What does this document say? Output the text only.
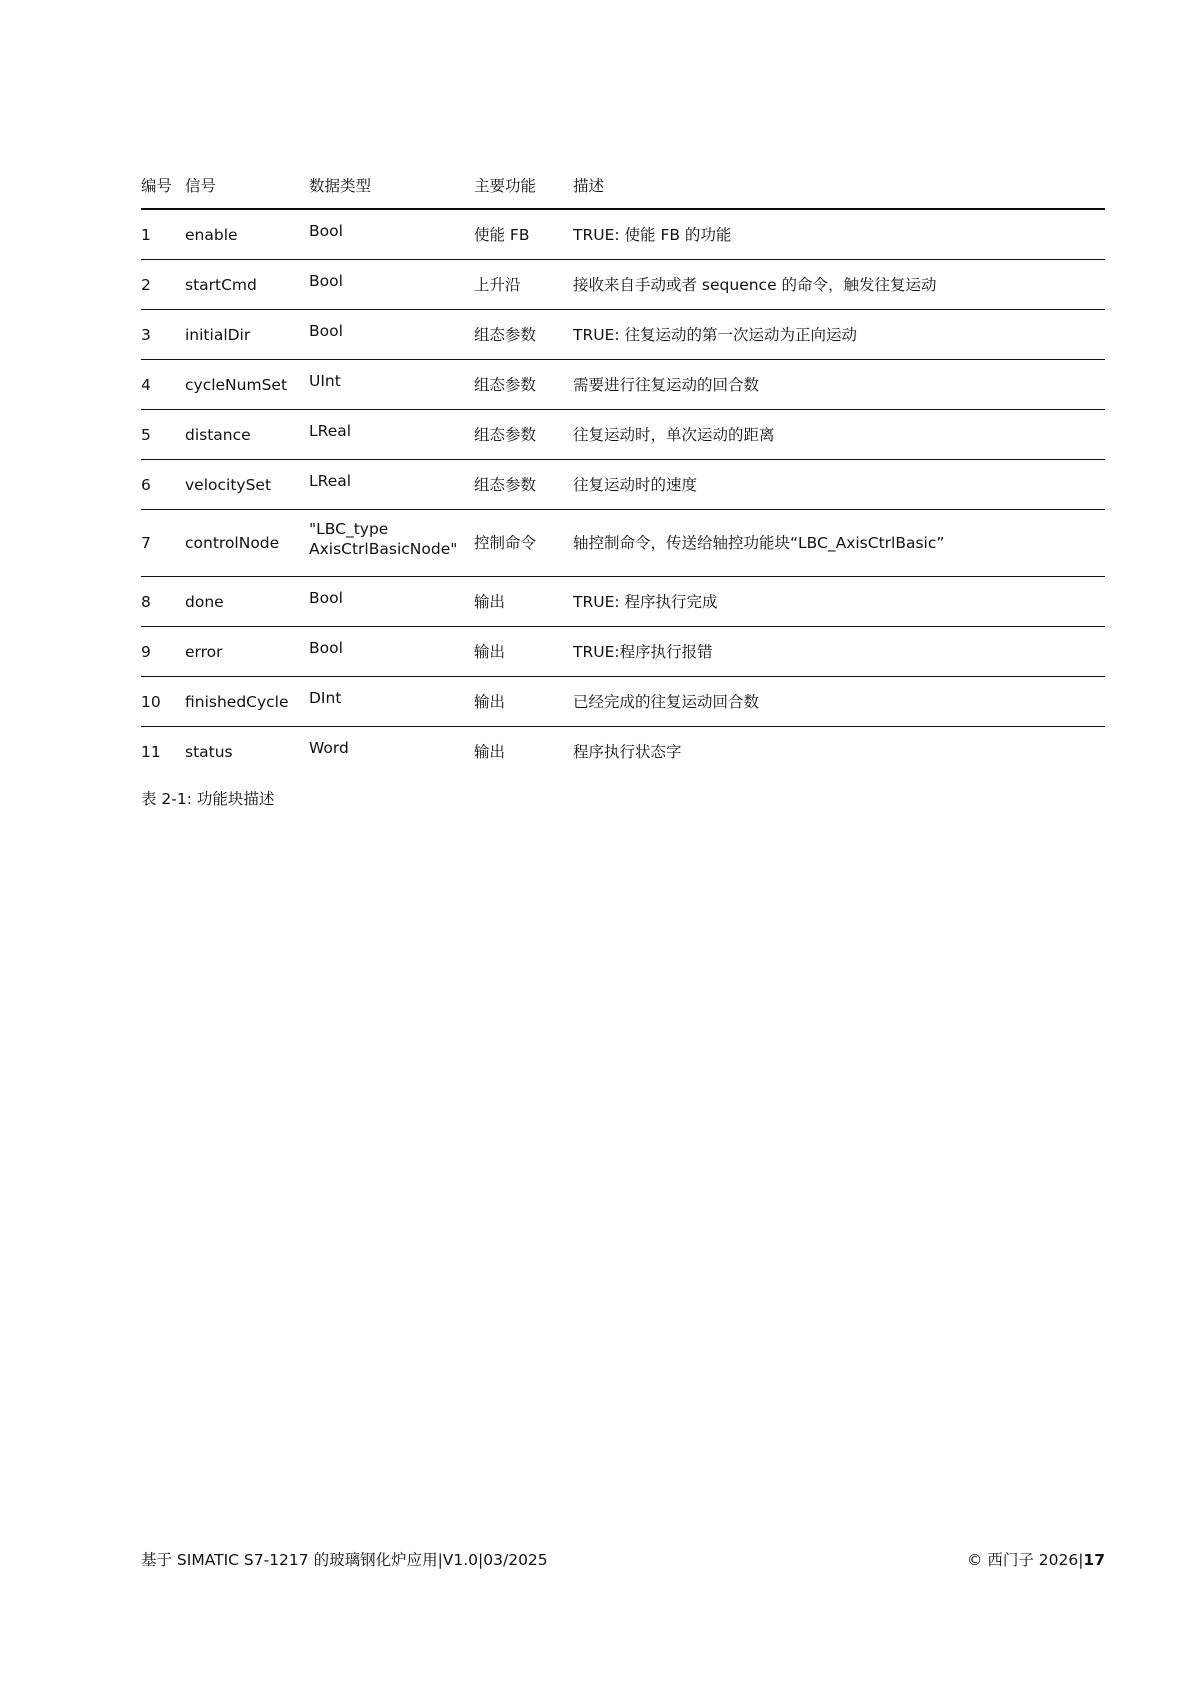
编号	信号	数据类型	主要功能	描述
1	enable	Bool	使能 FB	TRUE: 使能 FB 的功能
2	startCmd	Bool	上升沿	接收来自手动或者 sequence 的命令，触发往复运动
3	initialDir	Bool	组态参数	TRUE: 往复运动的第一次运动为正向运动
4	cycleNumSet	UInt	组态参数	需要进行往复运动的回合数
5	distance	LReal	组态参数	往复运动时，单次运动的距离
6	velocitySet	LReal	组态参数	往复运动时的速度
7	controlNode	"LBC_type
AxisCtrlBasicNode"	控制命令	轴控制命令，传送给轴控功能块“LBC_AxisCtrlBasic”
8	done	Bool	输出	TRUE: 程序执行完成
9	error	Bool	输出	TRUE:程序执行报错
10	finishedCycle	DInt	输出	已经完成的往复运动回合数
11	status	Word	输出	程序执行状态字
表 2-1: 功能块描述
基于 SIMATIC S7-1217 的玻璃钢化炉应用|V1.0|03/2025	© 西门子 2026|17
